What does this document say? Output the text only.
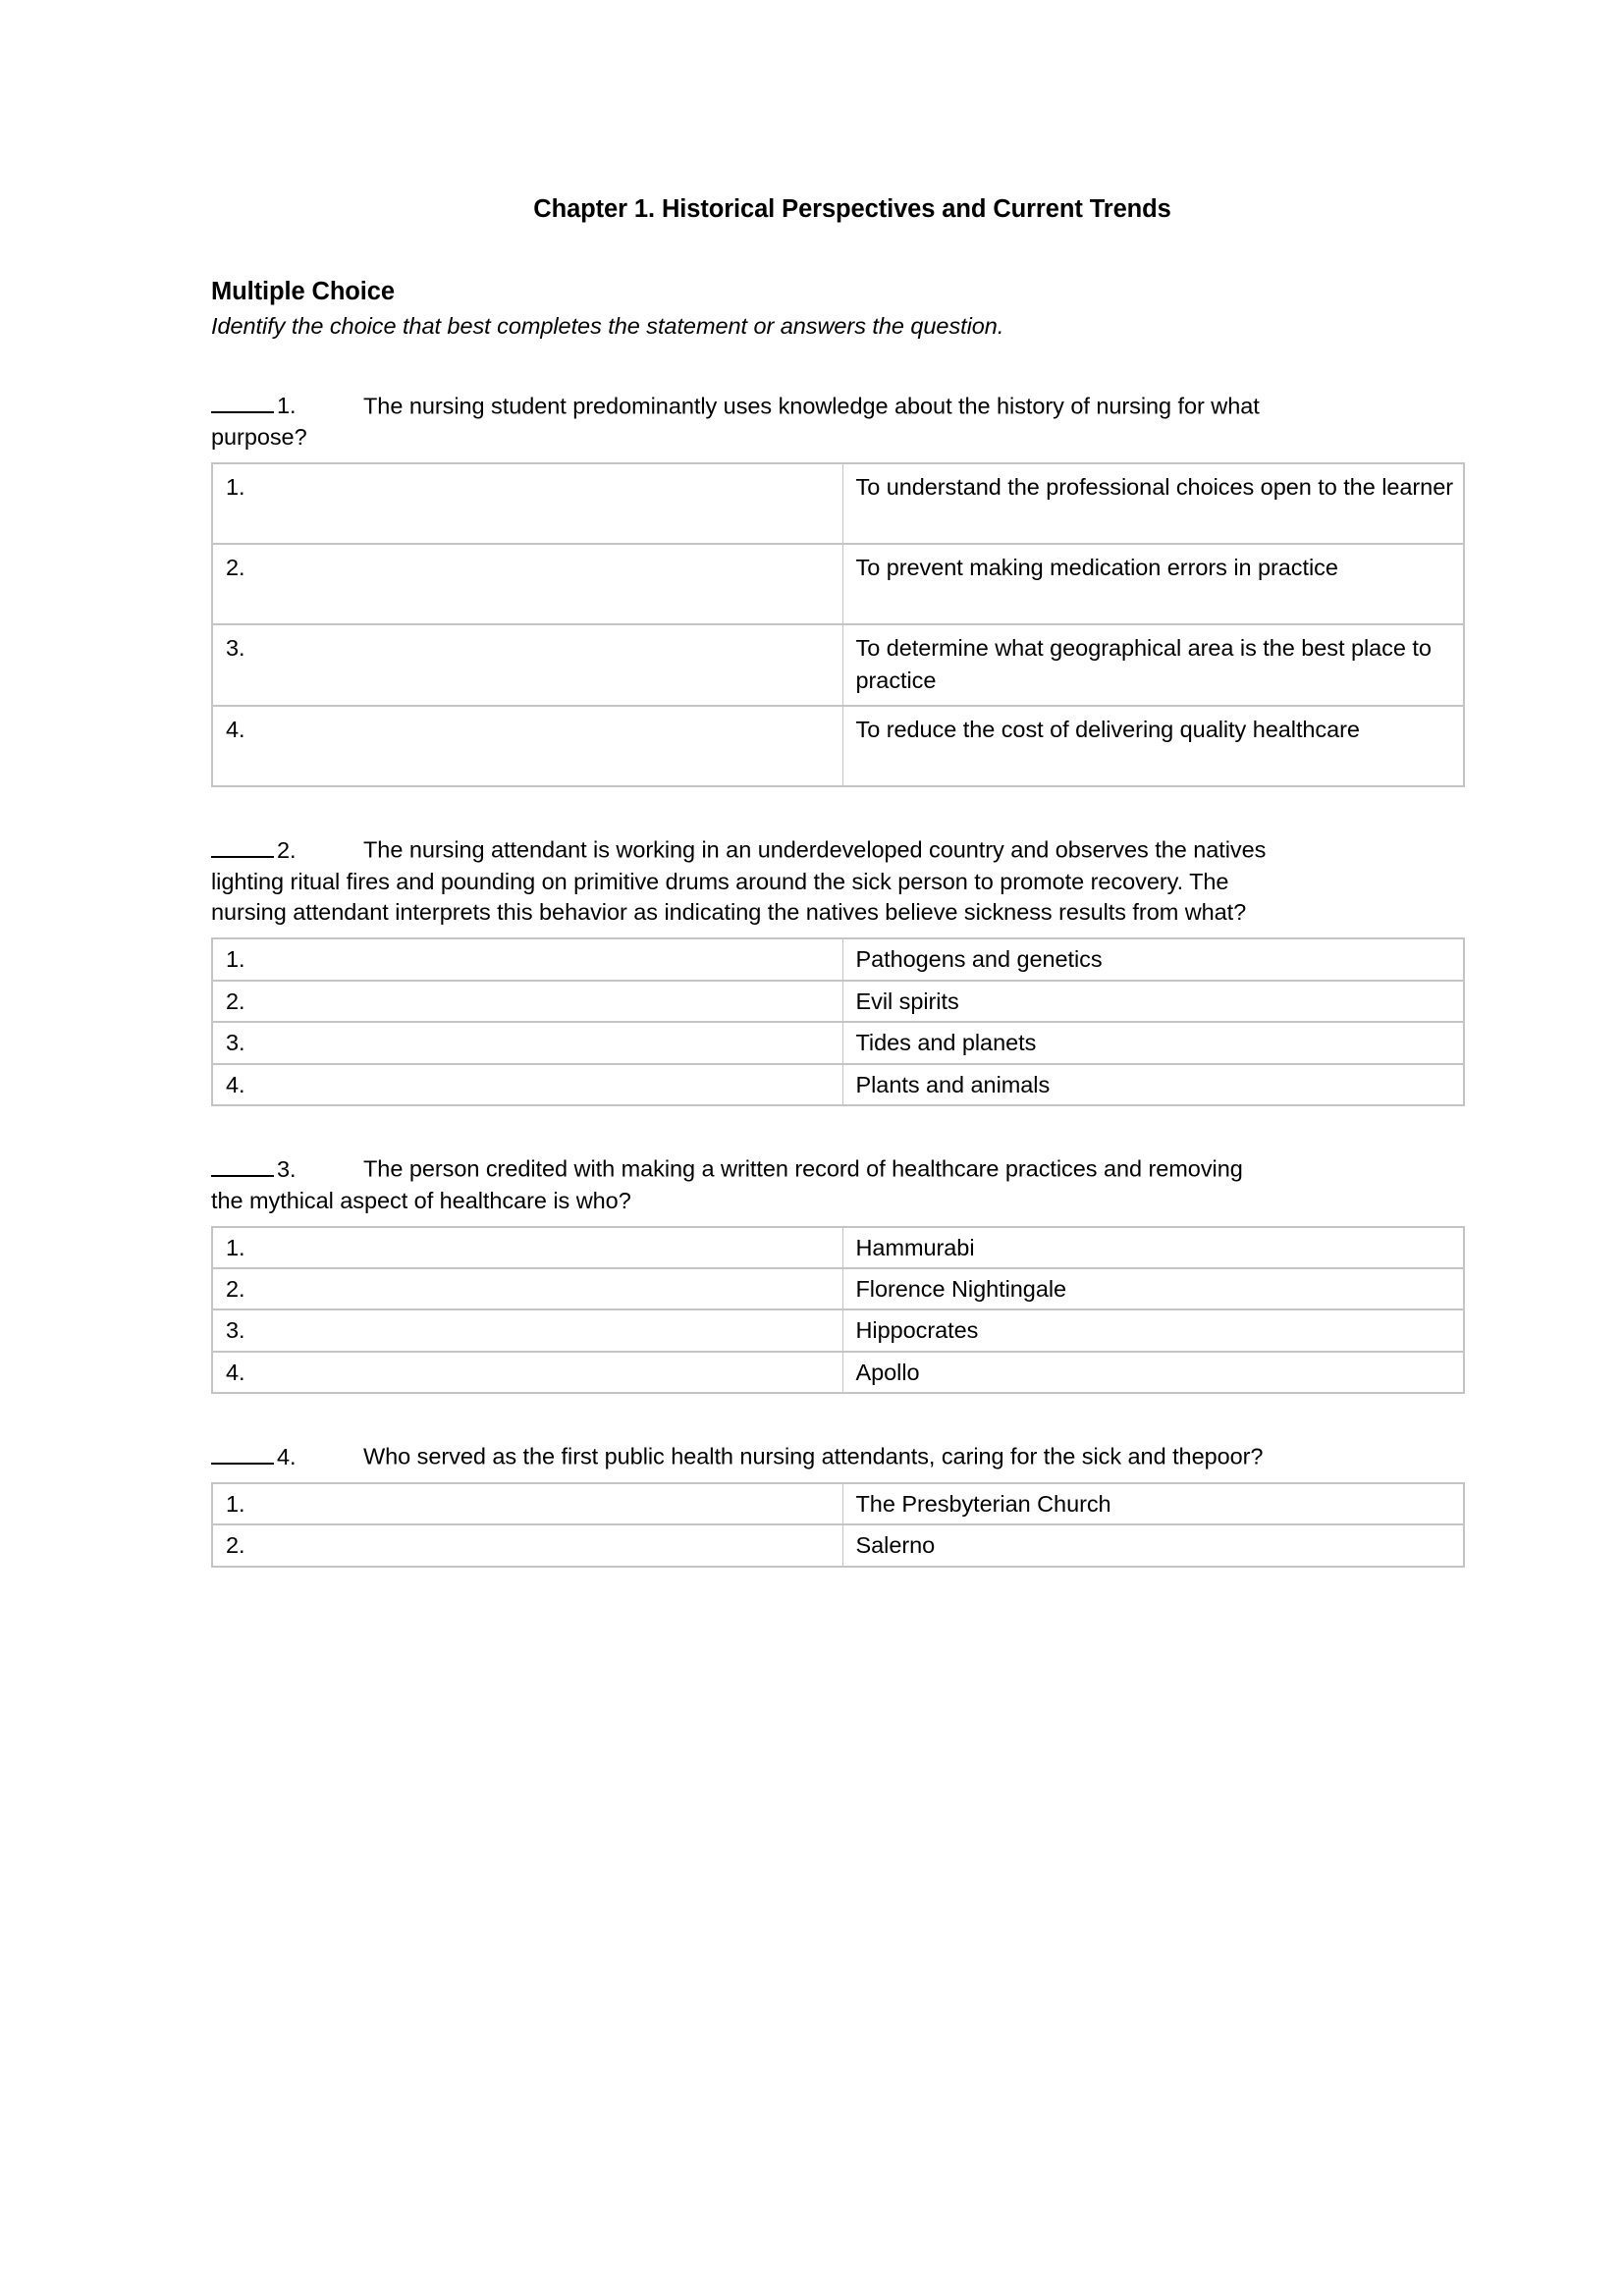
Chapter 1. Historical Perspectives and Current Trends
Multiple Choice

Identify the choice that best completes the statement or answers the question.

1.	The nursing student predominantly uses knowledge about the history of nursing for what purpose?

1.	To understand the professional choices open to the learner
2.	To prevent making medication errors in practice
3.	To determine what geographical area is the best place to practice
4.	To reduce the cost of delivering quality healthcare

2.	The nursing attendant is working in an underdeveloped country and observes the natives lighting ritual fires and pounding on primitive drums around the sick person to promote recovery. The nursing attendant interprets this behavior as indicating the natives believe sickness results from what?

1.	Pathogens and genetics
2.	Evil spirits
3.	Tides and planets
4.	Plants and animals

3.	The person credited with making a written record of healthcare practices and removing the mythical aspect of healthcare is who?

1.	Hammurabi
2.	Florence Nightingale
3.	Hippocrates
4.	Apollo

4.	Who served as the first public health nursing attendants, caring for the sick and thepoor?

1.	The Presbyterian Church
2.	Salerno
